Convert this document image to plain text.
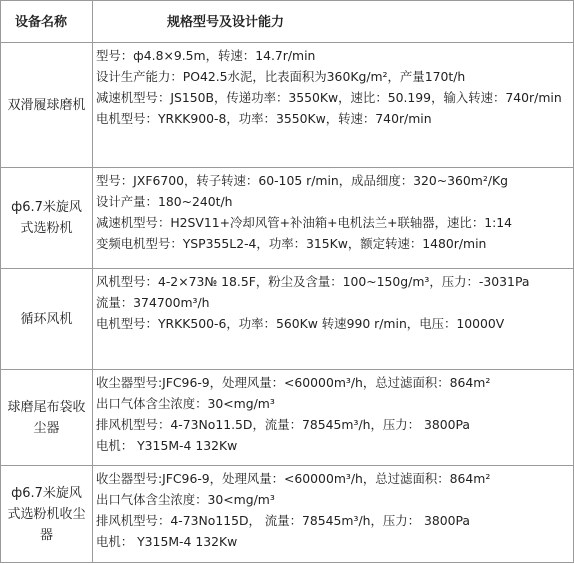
设备名称	规格型号及设计能力
双滑履球磨机	型号：ф4.8×9.5m，转速：14.7r/min
设计生产能力：PO42.5水泥，比表面积为360Kg/m²，产量170t/h
减速机型号：JS150B，传递功率：3550Kw，速比：50.199，输入转速：740r/min
电机型号：YRKK900-8，功率：3550Kw，转速：740r/min

ф6.7米旋风式选粉机	型号：JXF6700，转子转速：60-105 r/min，成品细度：320~360m²/Kg
设计产量：180~240t/h
减速机型号：H2SV11+冷却风管+补油箱+电机法兰+联轴器，速比：1:14
变频电机型号：YSP355L2-4，功率：315Kw，额定转速：1480r/min

循环风机	风机型号：4-2×73№ 18.5F，粉尘及含量：100~150g/m³，压力：-3031Pa
流量：374700m³/h
电机型号：YRKK500-6，功率：560Kw 转速990 r/min，电压：10000V

球磨尾布袋收尘器	收尘器型号:JFC96-9，处理风量：<60000m³/h，总过滤面积：864m²
出口气体含尘浓度：30<mg/m³
排风机型号：4-73No11.5D，流量：78545m³/h，压力： 3800Pa
电机： Y315M-4 132Kw

ф6.7米旋风式选粉机收尘器	收尘器型号:JFC96-9，处理风量：<60000m³/h，总过滤面积：864m²
出口气体含尘浓度：30<mg/m³
排风机型号：4-73No115D， 流量：78545m³/h，压力： 3800Pa
电机： Y315M-4 132Kw
